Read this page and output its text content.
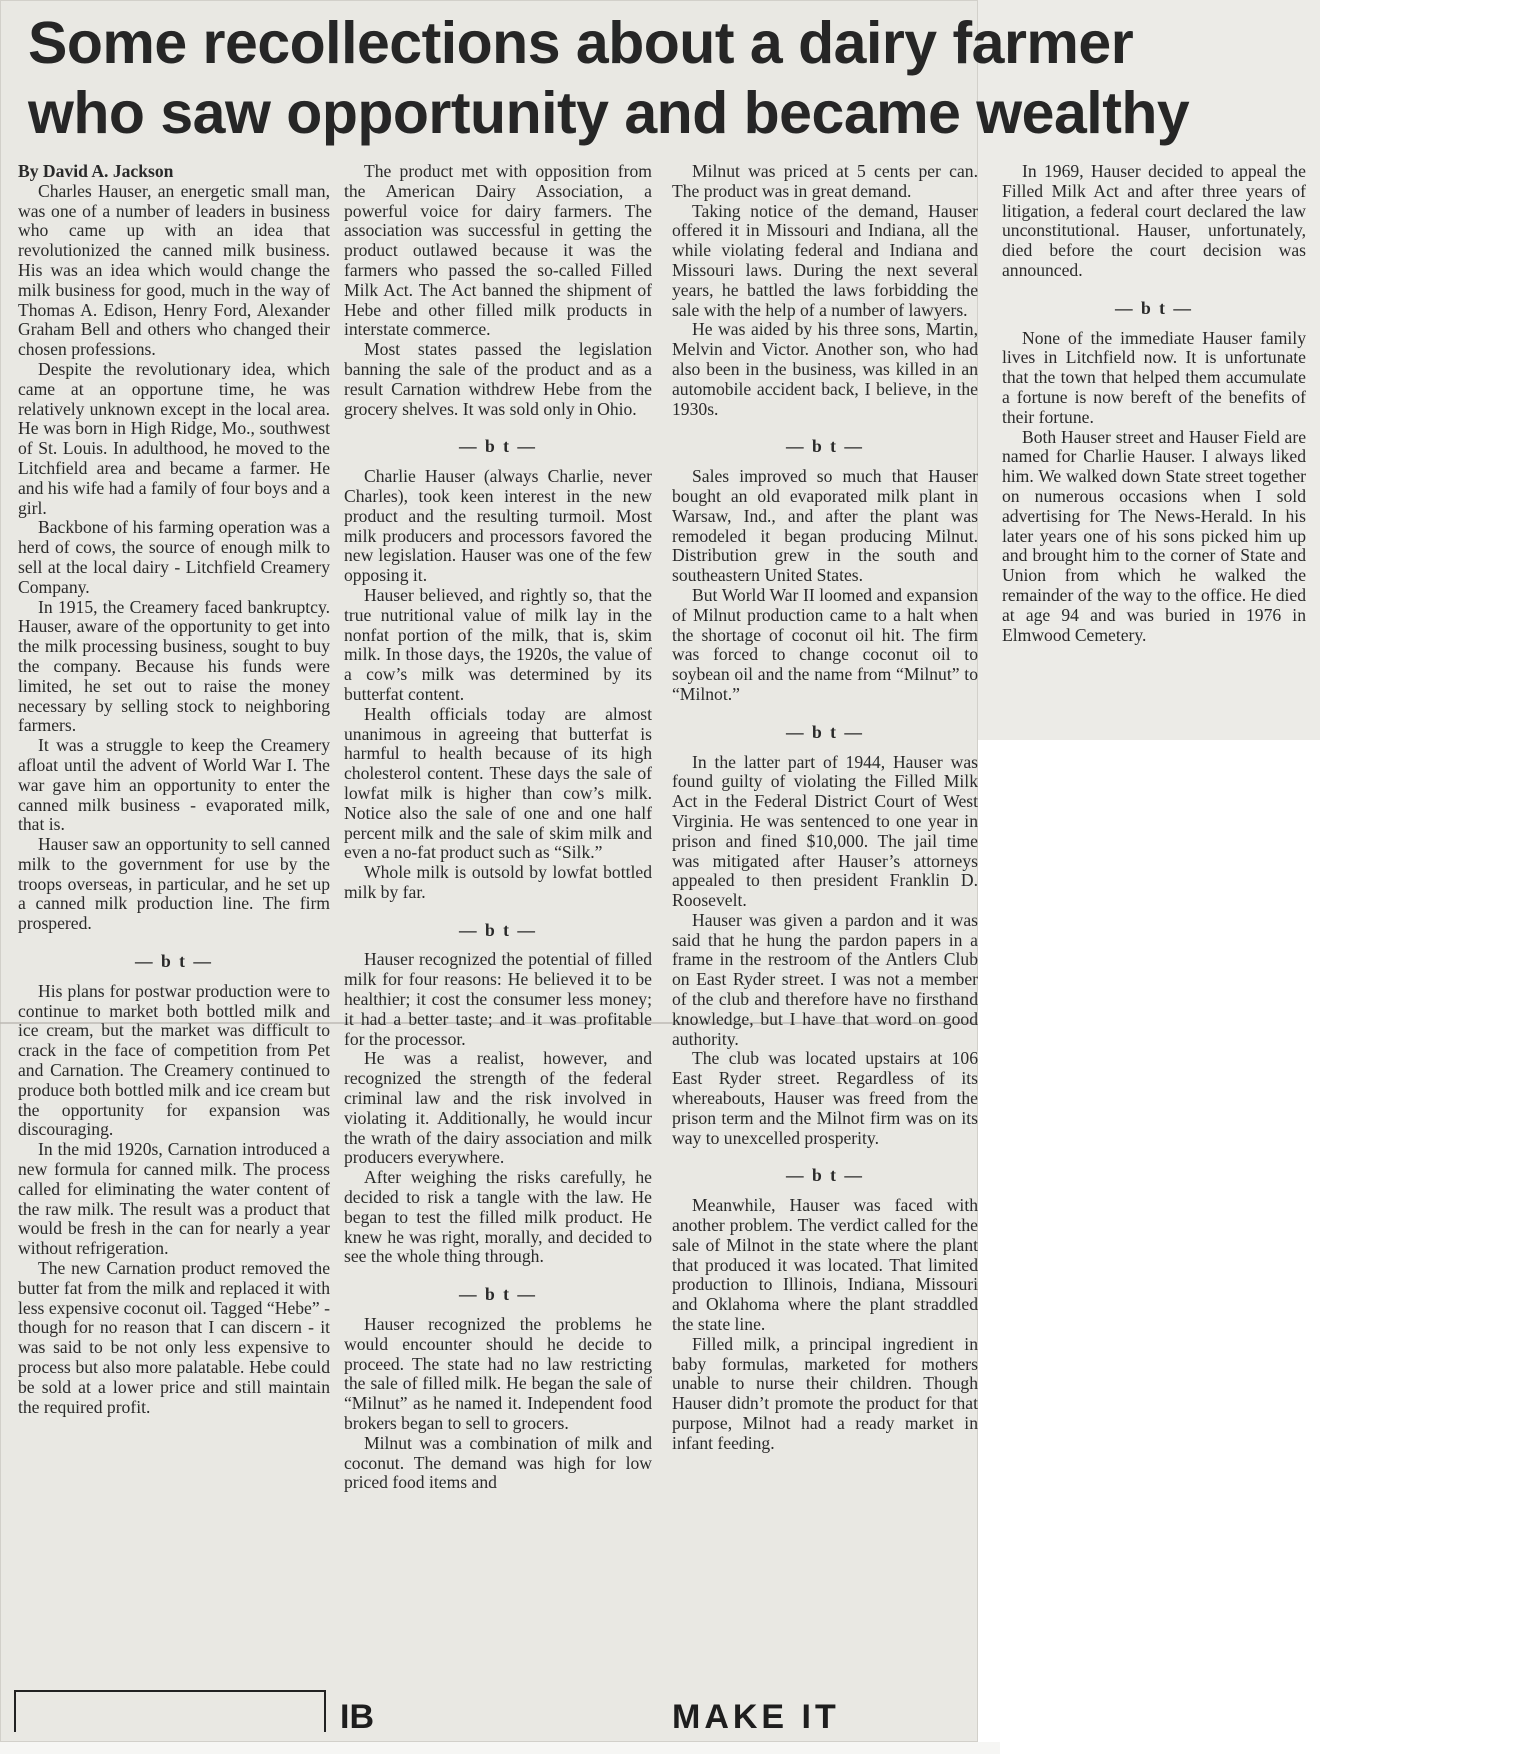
Some recollections about a dairy farmer
who saw opportunity and became wealthy

By David A. Jackson

Charles Hauser, an energetic small man, was one of a number of leaders in business who came up with an idea that revolutionized the canned milk business. His was an idea which would change the milk business for good, much in the way of Thomas A. Edison, Henry Ford, Alexander Graham Bell and others who changed their chosen professions.

Despite the revolutionary idea, which came at an opportune time, he was relatively unknown except in the local area. He was born in High Ridge, Mo., southwest of St. Louis. In adulthood, he moved to the Litchfield area and became a farmer. He and his wife had a family of four boys and a girl.

Backbone of his farming operation was a herd of cows, the source of enough milk to sell at the local dairy - Litchfield Creamery Company.

In 1915, the Creamery faced bankruptcy. Hauser, aware of the opportunity to get into the milk processing business, sought to buy the company. Because his funds were limited, he set out to raise the money necessary by selling stock to neighboring farmers.

It was a struggle to keep the Creamery afloat until the advent of World War I. The war gave him an opportunity to enter the canned milk business - evaporated milk, that is.

Hauser saw an opportunity to sell canned milk to the government for use by the troops overseas, in particular, and he set up a canned milk production line. The firm prospered.

— b t —

His plans for postwar production were to continue to market both bottled milk and ice cream, but the market was difficult to crack in the face of competition from Pet and Carnation. The Creamery continued to produce both bottled milk and ice cream but the opportunity for expansion was discouraging.

In the mid 1920s, Carnation introduced a new formula for canned milk. The process called for eliminating the water content of the raw milk. The result was a product that would be fresh in the can for nearly a year without refrigeration.

The new Carnation product removed the butter fat from the milk and replaced it with less expensive coconut oil. Tagged “Hebe” - though for no reason that I can discern - it was said to be not only less expensive to process but also more palatable. Hebe could be sold at a lower price and still maintain the required profit.

The product met with opposition from the American Dairy Association, a powerful voice for dairy farmers. The association was successful in getting the product outlawed because it was the farmers who passed the so-called Filled Milk Act. The Act banned the shipment of Hebe and other filled milk products in interstate commerce.

Most states passed the legislation banning the sale of the product and as a result Carnation withdrew Hebe from the grocery shelves. It was sold only in Ohio.

— b t —

Charlie Hauser (always Charlie, never Charles), took keen interest in the new product and the resulting turmoil. Most milk producers and processors favored the new legislation. Hauser was one of the few opposing it.

Hauser believed, and rightly so, that the true nutritional value of milk lay in the nonfat portion of the milk, that is, skim milk. In those days, the 1920s, the value of a cow’s milk was determined by its butterfat content.

Health officials today are almost unanimous in agreeing that butterfat is harmful to health because of its high cholesterol content. These days the sale of lowfat milk is higher than cow’s milk. Notice also the sale of one and one half percent milk and the sale of skim milk and even a no-fat product such as “Silk.”

Whole milk is outsold by lowfat bottled milk by far.

— b t —

Hauser recognized the potential of filled milk for four reasons: He believed it to be healthier; it cost the consumer less money; it had a better taste; and it was profitable for the processor.

He was a realist, however, and recognized the strength of the federal criminal law and the risk involved in violating it. Additionally, he would incur the wrath of the dairy association and milk producers everywhere.

After weighing the risks carefully, he decided to risk a tangle with the law. He began to test the filled milk product. He knew he was right, morally, and decided to see the whole thing through.

— b t —

Hauser recognized the problems he would encounter should he decide to proceed. The state had no law restricting the sale of filled milk. He began the sale of “Milnut” as he named it. Independent food brokers began to sell to grocers.

Milnut was a combination of milk and coconut. The demand was high for low priced food items and

Milnut was priced at 5 cents per can. The product was in great demand.

Taking notice of the demand, Hauser offered it in Missouri and Indiana, all the while violating federal and Indiana and Missouri laws. During the next several years, he battled the laws forbidding the sale with the help of a number of lawyers.

He was aided by his three sons, Martin, Melvin and Victor. Another son, who had also been in the business, was killed in an automobile accident back, I believe, in the 1930s.

— b t —

Sales improved so much that Hauser bought an old evaporated milk plant in Warsaw, Ind., and after the plant was remodeled it began producing Milnut. Distribution grew in the south and southeastern United States.

But World War II loomed and expansion of Milnut production came to a halt when the shortage of coconut oil hit. The firm was forced to change coconut oil to soybean oil and the name from “Milnut” to “Milnot.”

— b t —

In the latter part of 1944, Hauser was found guilty of violating the Filled Milk Act in the Federal District Court of West Virginia. He was sentenced to one year in prison and fined $10,000. The jail time was mitigated after Hauser’s attorneys appealed to then president Franklin D. Roosevelt.

Hauser was given a pardon and it was said that he hung the pardon papers in a frame in the restroom of the Antlers Club on East Ryder street. I was not a member of the club and therefore have no firsthand knowledge, but I have that word on good authority.

The club was located upstairs at 106 East Ryder street. Regardless of its whereabouts, Hauser was freed from the prison term and the Milnot firm was on its way to unexcelled prosperity.

— b t —

Meanwhile, Hauser was faced with another problem. The verdict called for the sale of Milnot in the state where the plant that produced it was located. That limited production to Illinois, Indiana, Missouri and Oklahoma where the plant straddled the state line.

Filled milk, a principal ingredient in baby formulas, marketed for mothers unable to nurse their children. Though Hauser didn’t promote the product for that purpose, Milnot had a ready market in infant feeding.

In 1969, Hauser decided to appeal the Filled Milk Act and after three years of litigation, a federal court declared the law unconstitutional. Hauser, unfortunately, died before the court decision was announced.

— b t —

None of the immediate Hauser family lives in Litchfield now. It is unfortunate that the town that helped them accumulate a fortune is now bereft of the benefits of their fortune.

Both Hauser street and Hauser Field are named for Charlie Hauser. I always liked him. We walked down State street together on numerous occasions when I sold advertising for The News-Herald. In his later years one of his sons picked him up and brought him to the corner of State and Union from which he walked the remainder of the way to the office. He died at age 94 and was buried in 1976 in Elmwood Cemetery.

IB	MAKE IT
